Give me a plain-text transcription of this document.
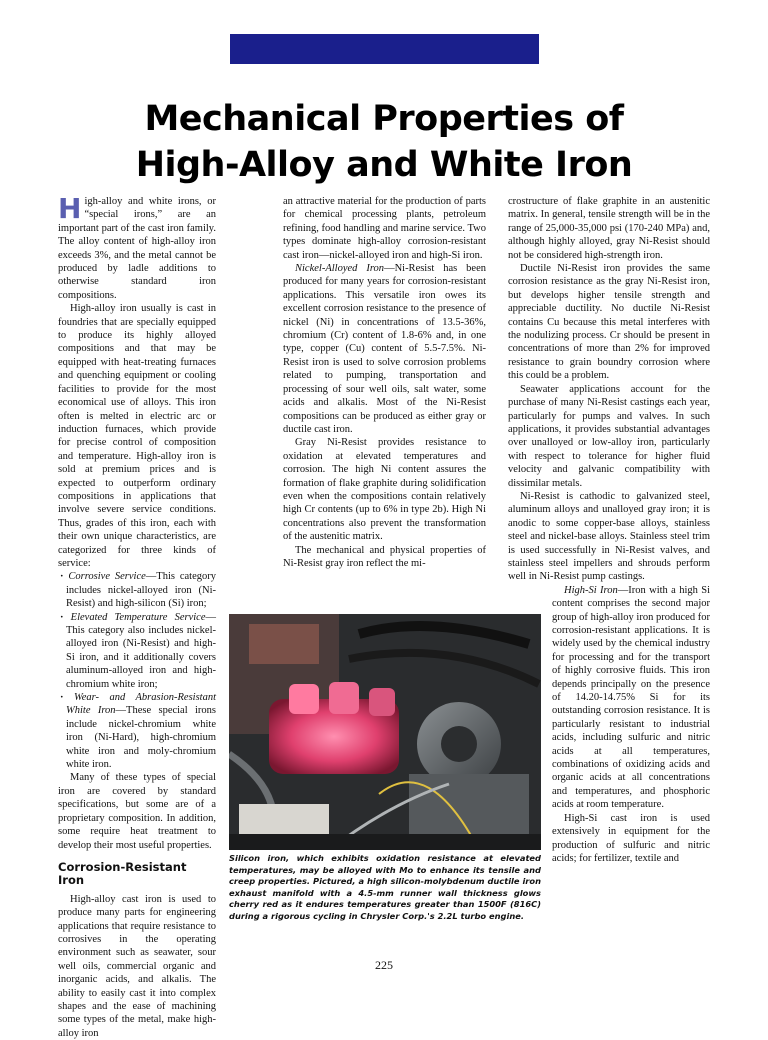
Mechanical Properties of
High-Alloy and White Iron

High-alloy and white irons, or “special irons,” are an important part of the cast iron family. The alloy content of high-alloy iron exceeds 3%, and the metal cannot be produced by ladle additions to otherwise standard iron compositions.

High-alloy iron usually is cast in foundries that are specially equipped to produce its highly alloyed compositions and that may be equipped with heat-treating furnaces and quenching equipment or cooling facilities to provide for the most economical use of alloys. This iron often is melted in electric arc or induction furnaces, which provide for precise control of composition and temperature. High-alloy iron is sold at premium prices and is expected to outperform ordinary compositions in applications that involve severe service conditions. Thus, grades of this iron, each with their own unique characteristics, are categorized for three kinds of service:

· Corrosive Service—This category includes nickel-alloyed iron (Ni-Resist) and high-silicon (Si) iron;

· Elevated Temperature Service—This category also includes nickel-alloyed iron (Ni-Resist) and high-Si iron, and it additionally covers aluminum-alloyed iron and high-chromium white iron;

· Wear- and Abrasion-Resistant White Iron—These special irons include nickel-chromium white iron (Ni-Hard), high-chromium white iron and moly-chromium white iron.

Many of these types of special iron are covered by standard specifications, but some are of a proprietary composition. In addition, some require heat treatment to develop their most useful properties.

Corrosion-Resistant Iron

High-alloy cast iron is used to produce many parts for engineering applications that require resistance to corrosives in the operating environment such as seawater, sour well oils, commercial organic and inorganic acids, and alkalis. The ability to easily cast it into complex shapes and the ease of machining some types of the metal, make high-alloy iron

an attractive material for the production of parts for chemical processing plants, petroleum refining, food handling and marine service. Two types dominate high-alloy corrosion-resistant cast iron—nickel-alloyed iron and high-Si iron.

Nickel-Alloyed Iron—Ni-Resist has been produced for many years for corrosion-resistant applications. This versatile iron owes its excellent corrosion resistance to the presence of nickel (Ni) in concentrations of 13.5-36%, chromium (Cr) content of 1.8-6% and, in one type, copper (Cu) content of 5.5-7.5%. Ni-Resist iron is used to solve corrosion problems related to pumping, transportation and processing of sour well oils, salt water, some acids and alkalis. Most of the Ni-Resist compositions can be produced as either gray or ductile cast iron.

Gray Ni-Resist provides resistance to oxidation at elevated temperatures and corrosion. The high Ni content assures the formation of flake graphite during solidification even when the compositions contain relatively high Cr contents (up to 6% in type 2b). High Ni concentrations also prevent the transformation of the austenitic matrix.

The mechanical and physical properties of Ni-Resist gray iron reflect the mi-

crostructure of flake graphite in an austenitic matrix. In general, tensile strength will be in the range of 25,000-35,000 psi (170-240 MPa) and, although highly alloyed, gray Ni-Resist should not be considered high-strength iron.

Ductile Ni-Resist iron provides the same corrosion resistance as the gray Ni-Resist iron, but develops higher tensile strength and appreciable ductility. No ductile Ni-Resist contains Cu because this metal interferes with the nodulizing process. Cr should be present in concentrations of more than 2% for improved resistance to grain boundry corrosion where this could be a problem.

Seawater applications account for the purchase of many Ni-Resist castings each year, particularly for pumps and valves. In such applications, it provides substantial advantages over unalloyed or low-alloy iron, particularly with respect to tolerance for higher fluid velocity and galvanic compatibility with dissimilar metals.

Ni-Resist is cathodic to galvanized steel, aluminum alloys and unalloyed gray iron; it is anodic to some copper-base alloys, stainless steel and nickel-base alloys. Stainless steel trim is used successfully in Ni-Resist valves, and stainless steel impellers and shrouds perform well in Ni-Resist pump castings.

High-Si Iron—Iron with a high Si content comprises the second major group of high-alloy iron produced for corrosion-resistant applications. It is widely used by the chemical industry for processing and for the transport of highly corrosive fluids. This iron depends principally on the presence of 14.20-14.75% Si for its outstanding corrosion resistance. It is particularly resistant to industrial acids, including sulfuric and nitric acids at all temperatures, combinations of oxidizing acids and organic acids at all concentrations and temperatures, and phosphoric acids at room temperature.

High-Si cast iron is used extensively in equipment for the production of sulfuric and nitric acids; for fertilizer, textile and

Silicon iron, which exhibits oxidation resistance at elevated temperatures, may be alloyed with Mo to enhance its tensile and creep properties. Pictured, a high silicon-molybdenum ductile iron exhaust manifold with a 4.5-mm runner wall thickness glows cherry red as it endures temperatures greater than 1500F (816C) during a rigorous cycling in Chrysler Corp.'s 2.2L turbo engine.
225
